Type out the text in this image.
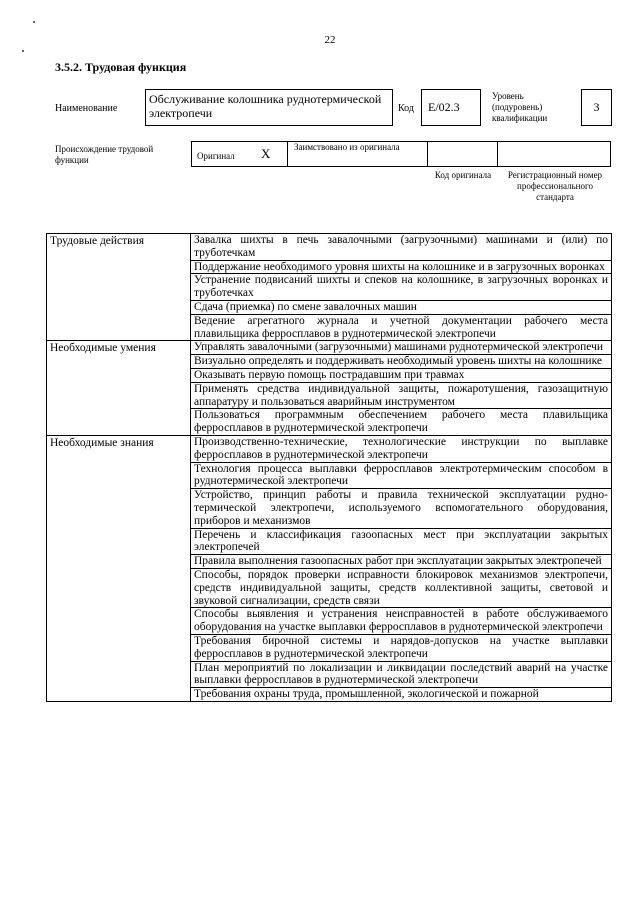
22
3.5.2. Трудовая функция
Наименование
Обслуживание колошника руднотермической электропечи	Код	E/02.3
Уровень (подуровень) квалификации
3
Происхождение трудовой функции	Оригинал X	Заимствовано из оригинала
Код оригинала	Регистрационный номер профессионального стандарта
Трудовые действия	Завалка шихты в печь завалочными (загрузочными) машинами и (или) по труботечкам
	Поддержание необходимого уровня шихты на колошнике и в загрузочных воронках
	Устранение подвисаний шихты и спеков на колошнике, в загрузочных воронках и труботечках
	Сдача (приемка) по смене завалочных машин
	Ведение агрегатного журнала и учетной документации рабочего места плавильщика ферросплавов в руднотермической электропечи
Необходимые умения	Управлять завалочными (загрузочными) машинами руднотермической электропечи
	Визуально определять и поддерживать необходимый уровень шихты на колошнике
	Оказывать первую помощь пострадавшим при травмах
	Применять средства индивидуальной защиты, пожаротушения, газозащитную аппаратуру и пользоваться аварийным инструментом
	Пользоваться программным обеспечением рабочего места плавильщика ферросплавов в руднотермической электропечи
Необходимые знания	Производственно-технические, технологические инструкции по выплавке ферросплавов в руднотермической электропечи
	Технология процесса выплавки ферросплавов электротермическим способом в руднотермической электропечи
	Устройство, принцип работы и правила технической эксплуатации руднотермической электропечи, используемого вспомогательного оборудования, приборов и механизмов
	Перечень и классификация газоопасных мест при эксплуатации закрытых электропечей
	Правила выполнения газоопасных работ при эксплуатации закрытых электропечей
	Способы, порядок проверки исправности блокировок механизмов электропечи, средств индивидуальной защиты, средств коллективной защиты, световой и звуковой сигнализации, средств связи
	Способы выявления и устранения неисправностей в работе обслуживаемого оборудования на участке выплавки ферросплавов в руднотермической электропечи
	Требования бирочной системы и нарядов-допусков на участке выплавки ферросплавов в руднотермической электропечи
	План мероприятий по локализации и ликвидации последствий аварий на участке выплавки ферросплавов в руднотермической электропечи
	Требования охраны труда, промышленной, экологической и пожарной
